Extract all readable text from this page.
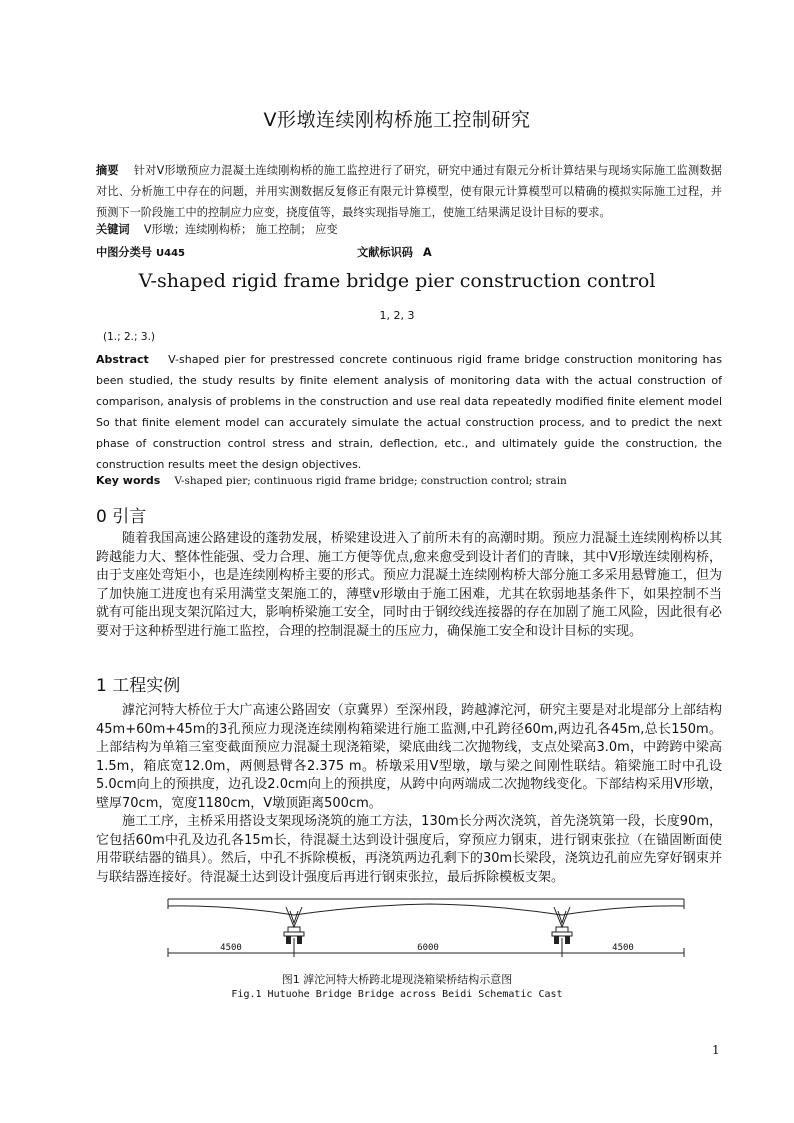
V形墩连续刚构桥施工控制研究
摘要 针对V形墩预应力混凝土连续刚构桥的施工监控进行了研究，研究中通过有限元分析计算结果与现场实际施工监测数据对比、分析施工中存在的问题，并用实测数据反复修正有限元计算模型，使有限元计算模型可以精确的模拟实际施工过程，并预测下一阶段施工中的控制应力应变，挠度值等，最终实现指导施工，使施工结果满足设计目标的要求。
关键词 V形墩；连续刚构桥； 施工控制； 应变
中图分类号 U445	文献标识码 A
V-shaped rigid frame bridge pier construction control
1, 2, 3
(1.; 2.; 3.)
Abstract V-shaped pier for prestressed concrete continuous rigid frame bridge construction monitoring has been studied, the study results by finite element analysis of monitoring data with the actual construction of comparison, analysis of problems in the construction and use real data repeatedly modified finite element model So that finite element model can accurately simulate the actual construction process, and to predict the next phase of construction control stress and strain, deflection, etc., and ultimately guide the construction, the construction results meet the design objectives.
Key words V-shaped pier; continuous rigid frame bridge; construction control; strain
0 引言

随着我国高速公路建设的蓬勃发展，桥梁建设进入了前所未有的高潮时期。预应力混凝土连续刚构桥以其跨越能力大、整体性能强、受力合理、施工方便等优点,愈来愈受到设计者们的青睐，其中V形墩连续刚构桥，由于支座处弯矩小，也是连续刚构桥主要的形式。预应力混凝土连续刚构桥大部分施工多采用悬臂施工，但为了加快施工进度也有采用满堂支架施工的，薄壁v形墩由于施工困难，尤其在软弱地基条件下，如果控制不当就有可能出现支架沉陷过大，影响桥梁施工安全，同时由于钢绞线连接器的存在加剧了施工风险，因此很有必要对于这种桥型进行施工监控，合理的控制混凝土的压应力，确保施工安全和设计目标的实现。

1 工程实例

滹沱河特大桥位于大广高速公路固安（京冀界）至深州段，跨越滹沱河，研究主要是对北堤部分上部结构45m+60m+45m的3孔预应力现浇连续刚构箱梁进行施工监测,中孔跨径60m,两边孔各45m,总长150m。上部结构为单箱三室变截面预应力混凝土现浇箱梁，梁底曲线二次抛物线，支点处梁高3.0m，中跨跨中梁高1.5m，箱底宽12.0m，两侧悬臂各2.375 m。桥墩采用V型墩，墩与梁之间刚性联结。箱梁施工时中孔设5.0cm向上的预拱度，边孔设2.0cm向上的预拱度，从跨中向两端成二次抛物线变化。下部结构采用V形墩，壁厚70cm，宽度1180cm，V墩顶距离500cm。

施工工序，主桥采用搭设支架现场浇筑的施工方法，130m长分两次浇筑，首先浇筑第一段，长度90m，它包括60m中孔及边孔各15m长，待混凝土达到设计强度后，穿预应力钢束，进行钢束张拉（在锚固断面使用带联结器的锚具）。然后，中孔不拆除模板，再浇筑两边孔剩下的30m长梁段，浇筑边孔前应先穿好钢束并与联结器连接好。待混凝土达到设计强度后再进行钢束张拉，最后拆除模板支架。

4500	6000	4500
图1 滹沱河特大桥跨北堤现浇箱梁桥结构示意图
Fig.1 Hutuohe Bridge Bridge across Beidi Schematic Cast
1
